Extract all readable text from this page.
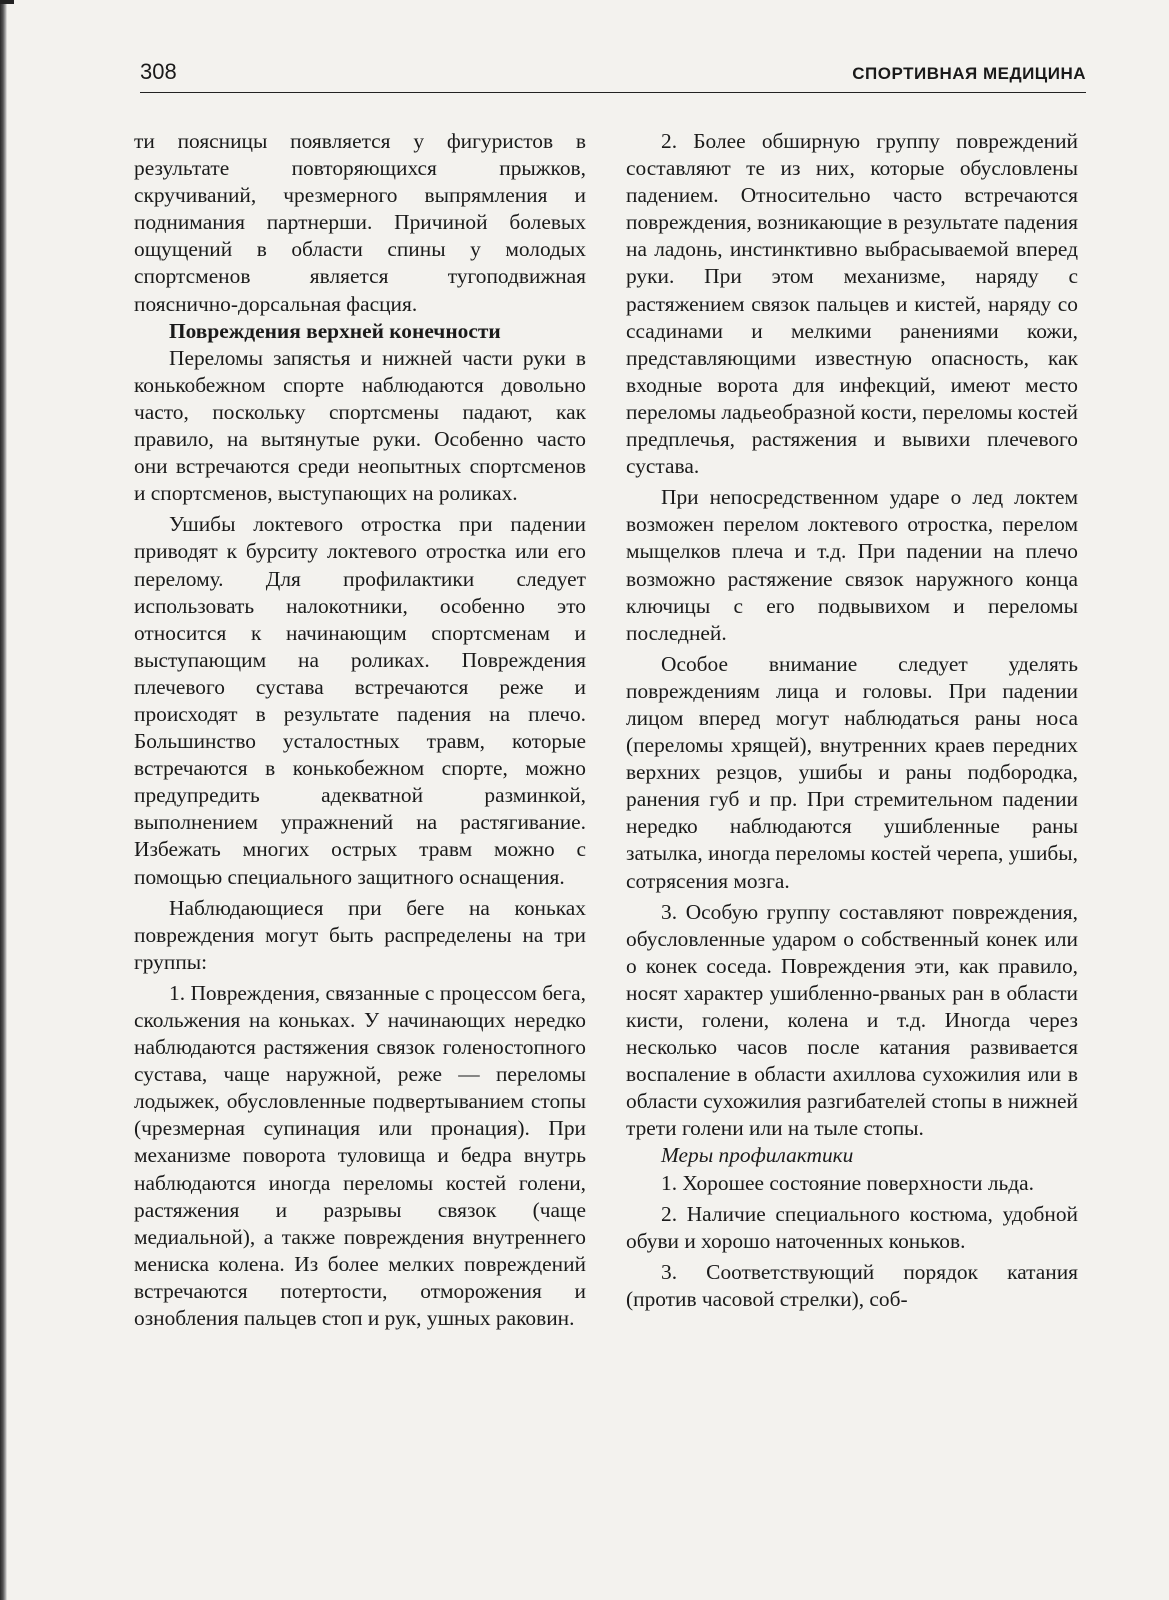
308	СПОРТИВНАЯ МЕДИЦИНА

ти поясницы появляется у фигуристов в результате повторяющихся прыжков, скручиваний, чрезмерного выпрямления и поднимания партнерши. Причиной болевых ощущений в области спины у молодых спортсменов является тугоподвижная пояснично-дорсальная фасция.

Повреждения верхней конечности

Переломы запястья и нижней части руки в конькобежном спорте наблюдаются довольно часто, поскольку спортсмены падают, как правило, на вытянутые руки. Особенно часто они встречаются среди неопытных спортсменов и спортсменов, выступающих на роликах.

Ушибы локтевого отростка при падении приводят к бурситу локтевого отростка или его перелому. Для профилактики следует использовать налокотники, особенно это относится к начинающим спортсменам и выступающим на роликах. Повреждения плечевого сустава встречаются реже и происходят в результате падения на плечо. Большинство усталостных травм, которые встречаются в конькобежном спорте, можно предупредить адекватной разминкой, выполнением упражнений на растягивание. Избежать многих острых травм можно с помощью специального защитного оснащения.

Наблюдающиеся при беге на коньках повреждения могут быть распределены на три группы:

1. Повреждения, связанные с процессом бега, скольжения на коньках. У начинающих нередко наблюдаются растяжения связок голеностопного сустава, чаще наружной, реже — переломы лодыжек, обусловленные подвертыванием стопы (чрезмерная супинация или пронация). При механизме поворота туловища и бедра внутрь наблюдаются иногда переломы костей голени, растяжения и разрывы связок (чаще медиальной), а также повреждения внутреннего мениска колена. Из более мелких повреждений встречаются потертости, отморожения и ознобления пальцев стоп и рук, ушных раковин.

2. Более обширную группу повреждений составляют те из них, которые обусловлены падением. Относительно часто встречаются повреждения, возникающие в результате падения на ладонь, инстинктивно выбрасываемой вперед руки. При этом механизме, наряду с растяжением связок пальцев и кистей, наряду со ссадинами и мелкими ранениями кожи, представляющими известную опасность, как входные ворота для инфекций, имеют место переломы ладьеобразной кости, переломы костей предплечья, растяжения и вывихи плечевого сустава.

При непосредственном ударе о лед локтем возможен перелом локтевого отростка, перелом мыщелков плеча и т.д. При падении на плечо возможно растяжение связок наружного конца ключицы с его подвывихом и переломы последней.

Особое внимание следует уделять повреждениям лица и головы. При падении лицом вперед могут наблюдаться раны носа (переломы хрящей), внутренних краев передних верхних резцов, ушибы и раны подбородка, ранения губ и пр. При стремительном падении нередко наблюдаются ушибленные раны затылка, иногда переломы костей черепа, ушибы, сотрясения мозга.

3. Особую группу составляют повреждения, обусловленные ударом о собственный конек или о конек соседа. Повреждения эти, как правило, носят характер ушибленно-рваных ран в области кисти, голени, колена и т.д. Иногда через несколько часов после катания развивается воспаление в области ахиллова сухожилия или в области сухожилия разгибателей стопы в нижней трети голени или на тыле стопы.

Меры профилактики

1. Хорошее состояние поверхности льда.

2. Наличие специального костюма, удобной обуви и хорошо наточенных коньков.

3. Соответствующий порядок катания (против часовой стрелки), соб-
